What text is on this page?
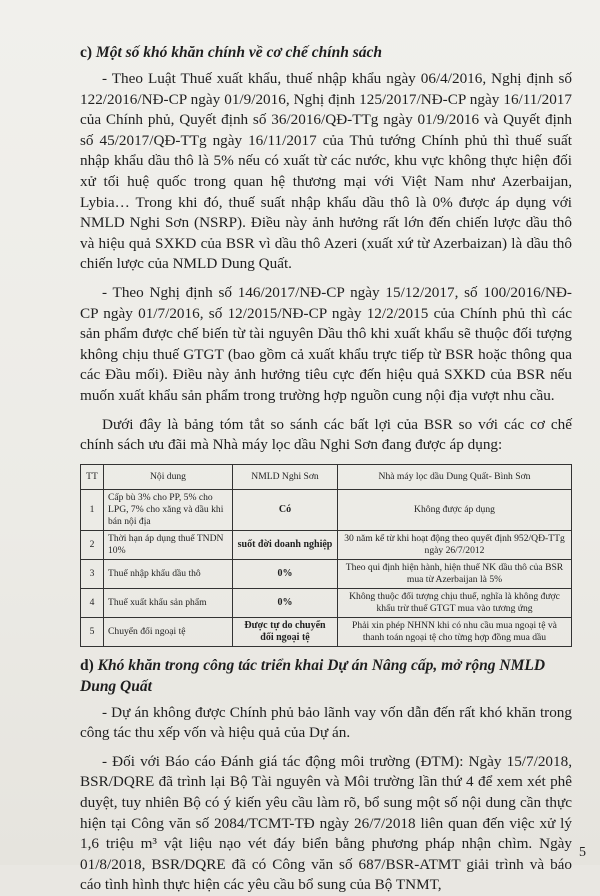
c) Một số khó khăn chính về cơ chế chính sách

- Theo Luật Thuế xuất khẩu, thuế nhập khẩu ngày 06/4/2016, Nghị định số 122/2016/NĐ-CP ngày 01/9/2016, Nghị định 125/2017/NĐ-CP ngày 16/11/2017 của Chính phủ, Quyết định số 36/2016/QĐ-TTg ngày 01/9/2016 và Quyết định số 45/2017/QĐ-TTg ngày 16/11/2017 của Thủ tướng Chính phủ thì thuế suất nhập khẩu dầu thô là 5% nếu có xuất từ các nước, khu vực không thực hiện đối xử tối huệ quốc trong quan hệ thương mại với Việt Nam như Azerbaijan, Lybia… Trong khi đó, thuế suất nhập khẩu dầu thô là 0% được áp dụng với NMLD Nghi Sơn (NSRP). Điều này ảnh hưởng rất lớn đến chiến lược dầu thô và hiệu quả SXKD của BSR vì dầu thô Azeri (xuất xứ từ Azerbaizan) là dầu thô chiến lược của NMLD Dung Quất.

- Theo Nghị định số 146/2017/NĐ-CP ngày 15/12/2017, số 100/2016/NĐ-CP ngày 01/7/2016, số 12/2015/NĐ-CP ngày 12/2/2015 của Chính phủ thì các sản phẩm được chế biến từ tài nguyên Dầu thô khi xuất khẩu sẽ thuộc đối tượng không chịu thuế GTGT (bao gồm cả xuất khẩu trực tiếp từ BSR hoặc thông qua các Đầu mối). Điều này ảnh hưởng tiêu cực đến hiệu quả SXKD của BSR nếu muốn xuất khẩu sản phẩm trong trường hợp nguồn cung nội địa vượt nhu cầu.

Dưới đây là bảng tóm tắt so sánh các bất lợi của BSR so với các cơ chế chính sách ưu đãi mà Nhà máy lọc dầu Nghi Sơn đang được áp dụng:

TT	Nội dung	NMLD Nghi Sơn	Nhà máy lọc dầu Dung Quất- Bình Sơn
1	Cấp bù 3% cho PP, 5% cho LPG, 7% cho xăng và dầu khi bán nội địa	Có	Không được áp dụng
2	Thời hạn áp dụng thuế TNDN 10%	suốt đời doanh nghiệp	30 năm kể từ khi hoạt động theo quyết định 952/QĐ-TTg ngày 26/7/2012
3	Thuế nhập khẩu dầu thô	0%	Theo qui định hiện hành, hiện thuế NK dầu thô của BSR mua từ Azerbaijan là 5%
4	Thuế xuất khẩu sản phẩm	0%	Không thuộc đối tượng chịu thuế, nghĩa là không được khấu trừ thuế GTGT mua vào tương ứng
5	Chuyển đổi ngoại tệ	Được tự do chuyển đổi ngoại tệ	Phải xin phép NHNN khi có nhu cầu mua ngoại tệ và thanh toán ngoại tệ cho từng hợp đồng mua dầu
d) Khó khăn trong công tác triển khai Dự án Nâng cấp, mở rộng NMLD Dung Quất

- Dự án không được Chính phủ bảo lãnh vay vốn dẫn đến rất khó khăn trong công tác thu xếp vốn và hiệu quả của Dự án.

- Đối với Báo cáo Đánh giá tác động môi trường (ĐTM): Ngày 15/7/2018, BSR/DQRE đã trình lại Bộ Tài nguyên và Môi trường lần thứ 4 để xem xét phê duyệt, tuy nhiên Bộ có ý kiến yêu cầu làm rõ, bổ sung một số nội dung cần thực hiện tại Công văn số 2084/TCMT-TĐ ngày 26/7/2018 liên quan đến việc xử lý 1,6 triệu m³ vật liệu nạo vét đáy biển bằng phương pháp nhận chìm. Ngày 01/8/2018, BSR/DQRE đã có Công văn số 687/BSR-ATMT giải trình và báo cáo tình hình thực hiện các yêu cầu bổ sung của Bộ TNMT,

5
